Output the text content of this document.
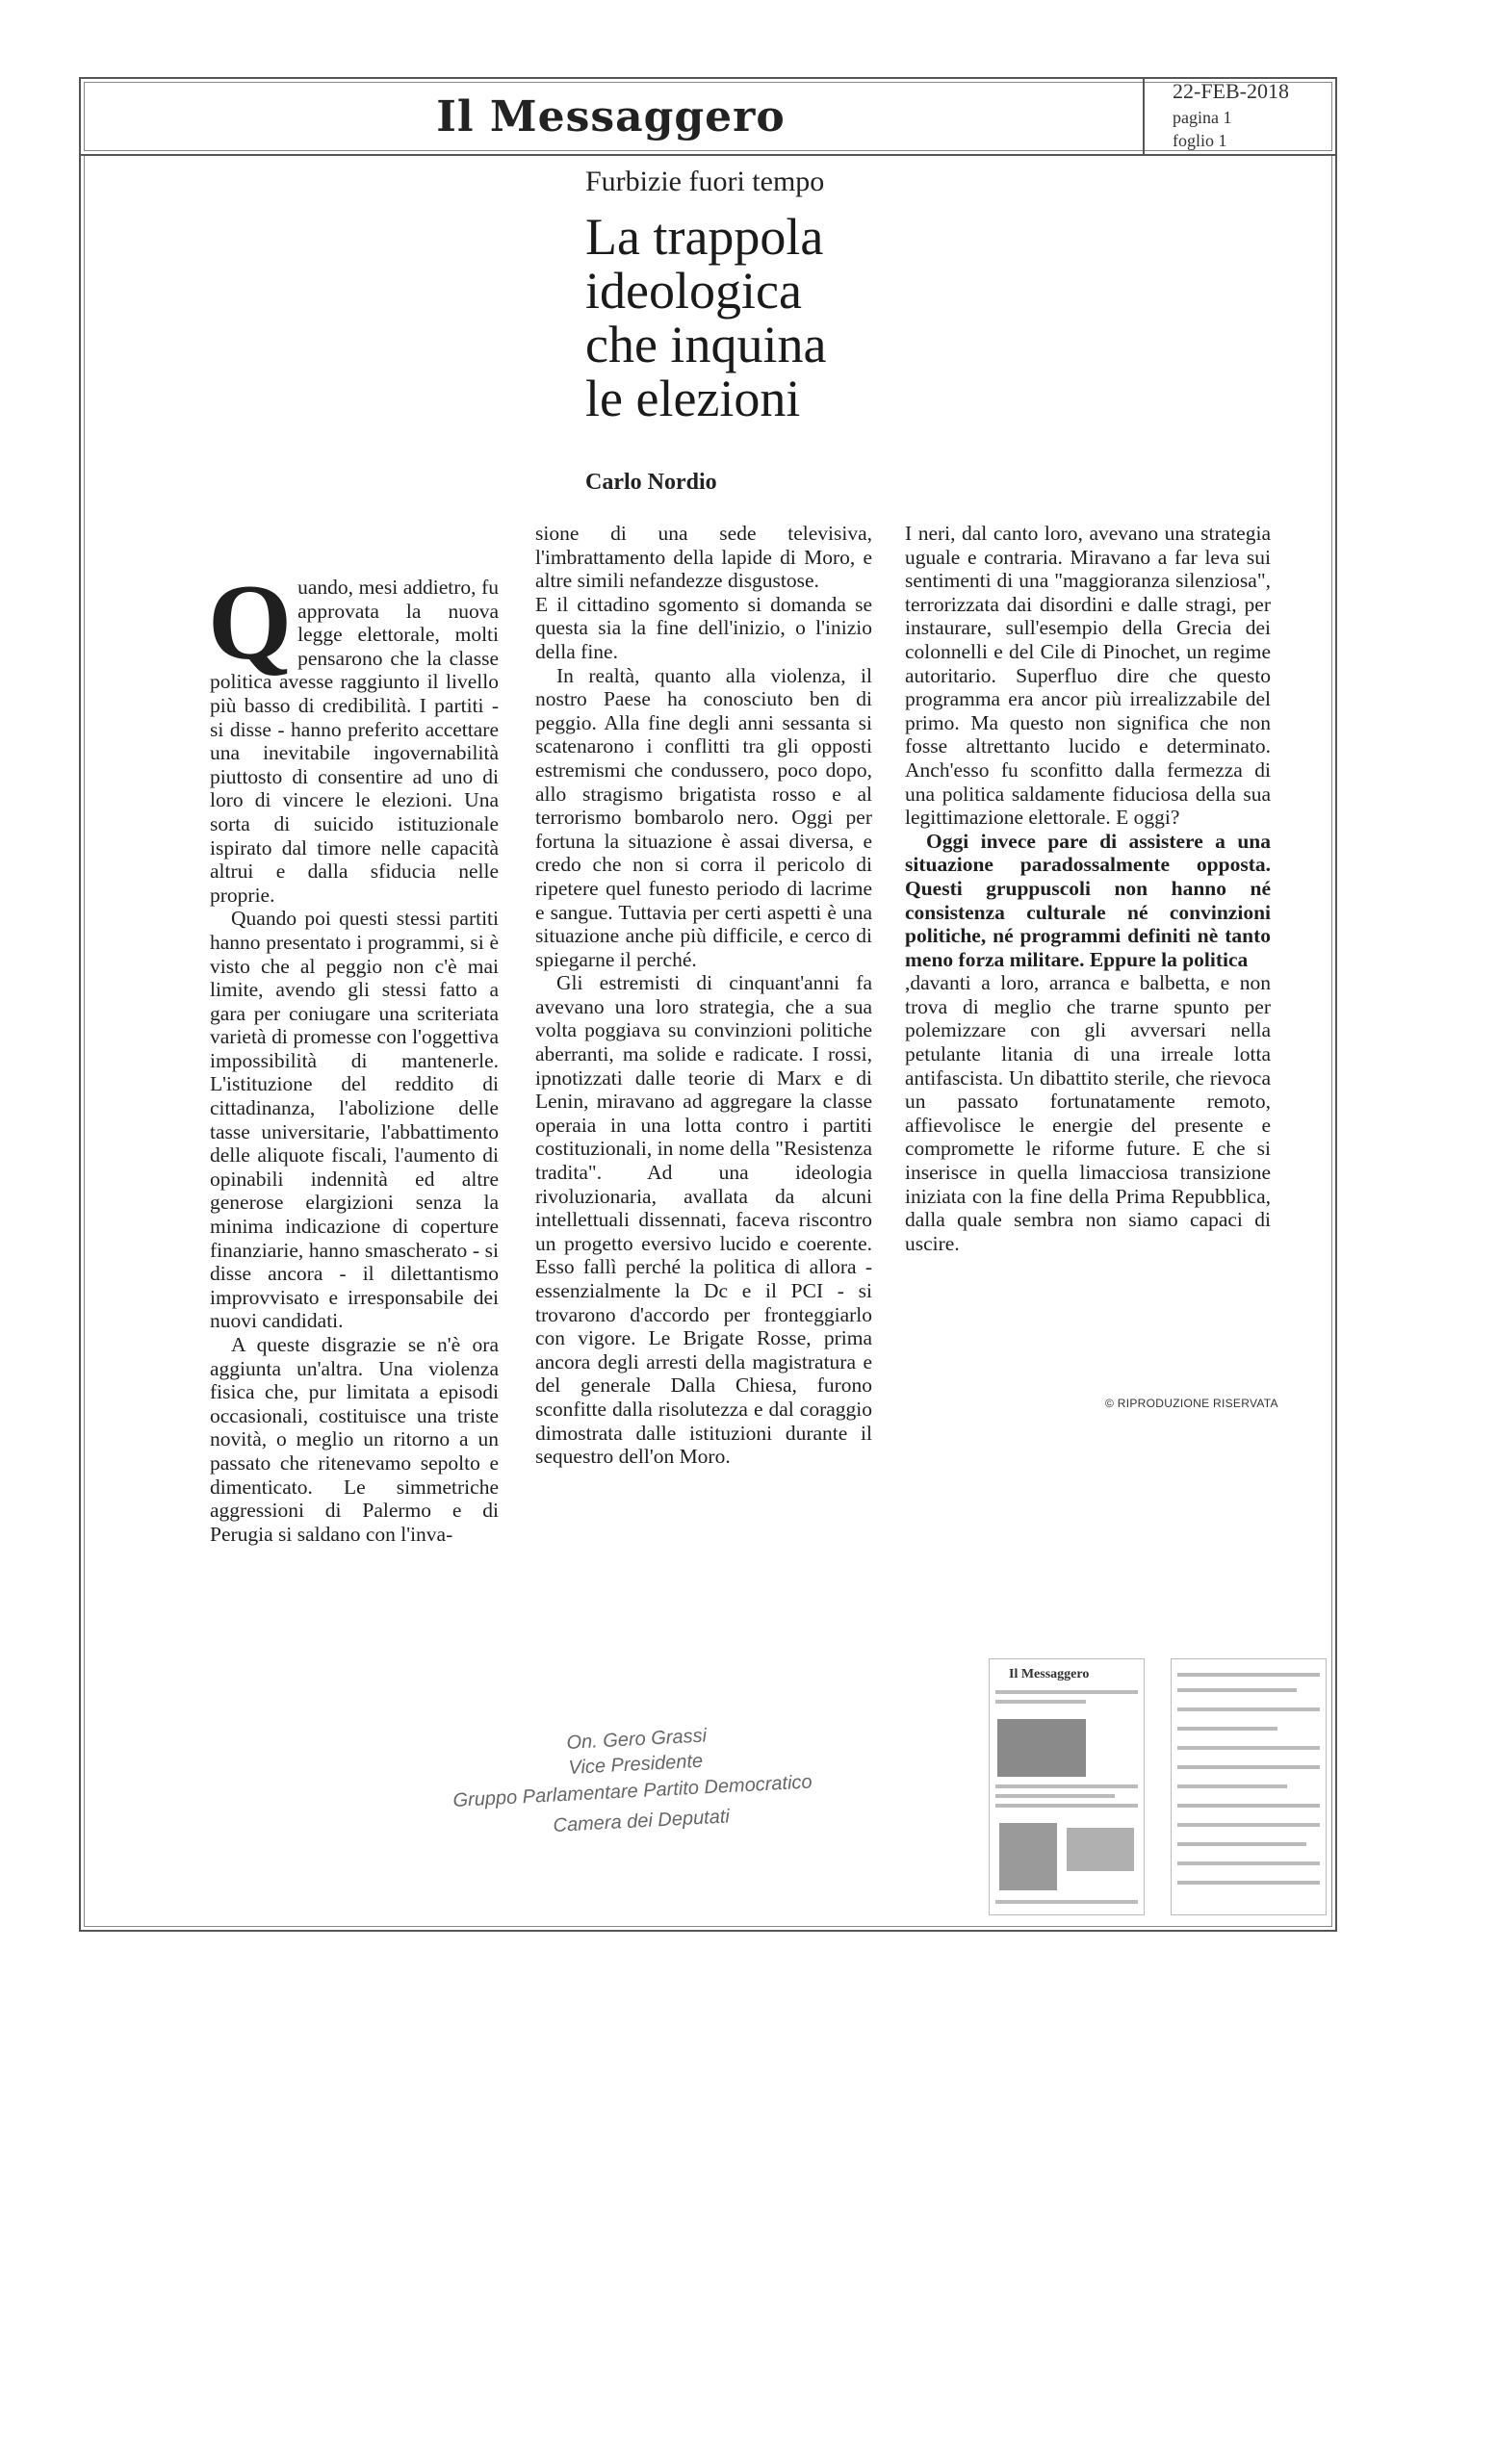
Il Messaggero
22-FEB-2018
pagina 1
foglio 1
Furbizie fuori tempo
La trappola
ideologica
che inquina
le elezioni
Carlo Nordio

Quando, mesi addietro, fu approvata la nuova legge elettorale, molti pensarono che la classe politica avesse raggiunto il livello più basso di credibilità. I partiti - si disse - hanno preferito accettare una inevitabile ingovernabilità piuttosto di consentire ad uno di loro di vincere le elezioni. Una sorta di suicido istituzionale ispirato dal timore nelle capacità altrui e dalla sfiducia nelle proprie.

Quando poi questi stessi partiti hanno presentato i programmi, si è visto che al peggio non c'è mai limite, avendo gli stessi fatto a gara per coniugare una scriteriata varietà di promesse con l'oggettiva impossibilità di mantenerle. L'istituzione del reddito di cittadinanza, l'abolizione delle tasse universitarie, l'abbattimento delle aliquote fiscali, l'aumento di opinabili indennità ed altre generose elargizioni senza la minima indicazione di coperture finanziarie, hanno smascherato - si disse ancora - il dilettantismo improvvisato e irresponsabile dei nuovi candidati.

A queste disgrazie se n'è ora aggiunta un'altra. Una violenza fisica che, pur limitata a episodi occasionali, costituisce una triste novità, o meglio un ritorno a un passato che ritenevamo sepolto e dimenticato. Le simmetriche aggressioni di Palermo e di Perugia si saldano con l'inva-

sione di una sede televisiva, l'imbrattamento della lapide di Moro, e altre simili nefandezze disgustose.

E il cittadino sgomento si domanda se questa sia la fine dell'inizio, o l'inizio della fine.

In realtà, quanto alla violenza, il nostro Paese ha conosciuto ben di peggio. Alla fine degli anni sessanta si scatenarono i conflitti tra gli opposti estremismi che condussero, poco dopo, allo stragismo brigatista rosso e al terrorismo bombarolo nero. Oggi per fortuna la situazione è assai diversa, e credo che non si corra il pericolo di ripetere quel funesto periodo di lacrime e sangue. Tuttavia per certi aspetti è una situazione anche più difficile, e cerco di spiegarne il perché.

Gli estremisti di cinquant'anni fa avevano una loro strategia, che a sua volta poggiava su convinzioni politiche aberranti, ma solide e radicate. I rossi, ipnotizzati dalle teorie di Marx e di Lenin, miravano ad aggregare la classe operaia in una lotta contro i partiti costituzionali, in nome della "Resistenza tradita". Ad una ideologia rivoluzionaria, avallata da alcuni intellettuali dissennati, faceva riscontro un progetto eversivo lucido e coerente. Esso fallì perché la politica di allora - essenzialmente la Dc e il PCI - si trovarono d'accordo per fronteggiarlo con vigore. Le Brigate Rosse, prima ancora degli arresti della magistratura e del generale Dalla Chiesa, furono sconfitte dalla risolutezza e dal coraggio dimostrata dalle istituzioni durante il sequestro dell'on Moro.

I neri, dal canto loro, avevano una strategia uguale e contraria. Miravano a far leva sui sentimenti di una "maggioranza silenziosa", terrorizzata dai disordini e dalle stragi, per instaurare, sull'esempio della Grecia dei colonnelli e del Cile di Pinochet, un regime autoritario. Superfluo dire che questo programma era ancor più irrealizzabile del primo. Ma questo non significa che non fosse altrettanto lucido e determinato. Anch'esso fu sconfitto dalla fermezza di una politica saldamente fiduciosa della sua legittimazione elettorale. E oggi?

Oggi invece pare di assistere a una situazione paradossalmente opposta. Questi gruppuscoli non hanno né consistenza culturale né convinzioni politiche, né programmi definiti nè tanto meno forza militare. Eppure la politica

,davanti a loro, arranca e balbetta, e non trova di meglio che trarne spunto per polemizzare con gli avversari nella petulante litania di una irreale lotta antifascista. Un dibattito sterile, che rievoca un passato fortunatamente remoto, affievolisce le energie del presente e compromette le riforme future. E che si inserisce in quella limacciosa transizione iniziata con la fine della Prima Repubblica, dalla quale sembra non siamo capaci di uscire.

© RIPRODUZIONE RISERVATA
On. Gero Grassi
Vice Presidente
Gruppo Parlamentare Partito Democratico
Camera dei Deputati
Il Messaggero
